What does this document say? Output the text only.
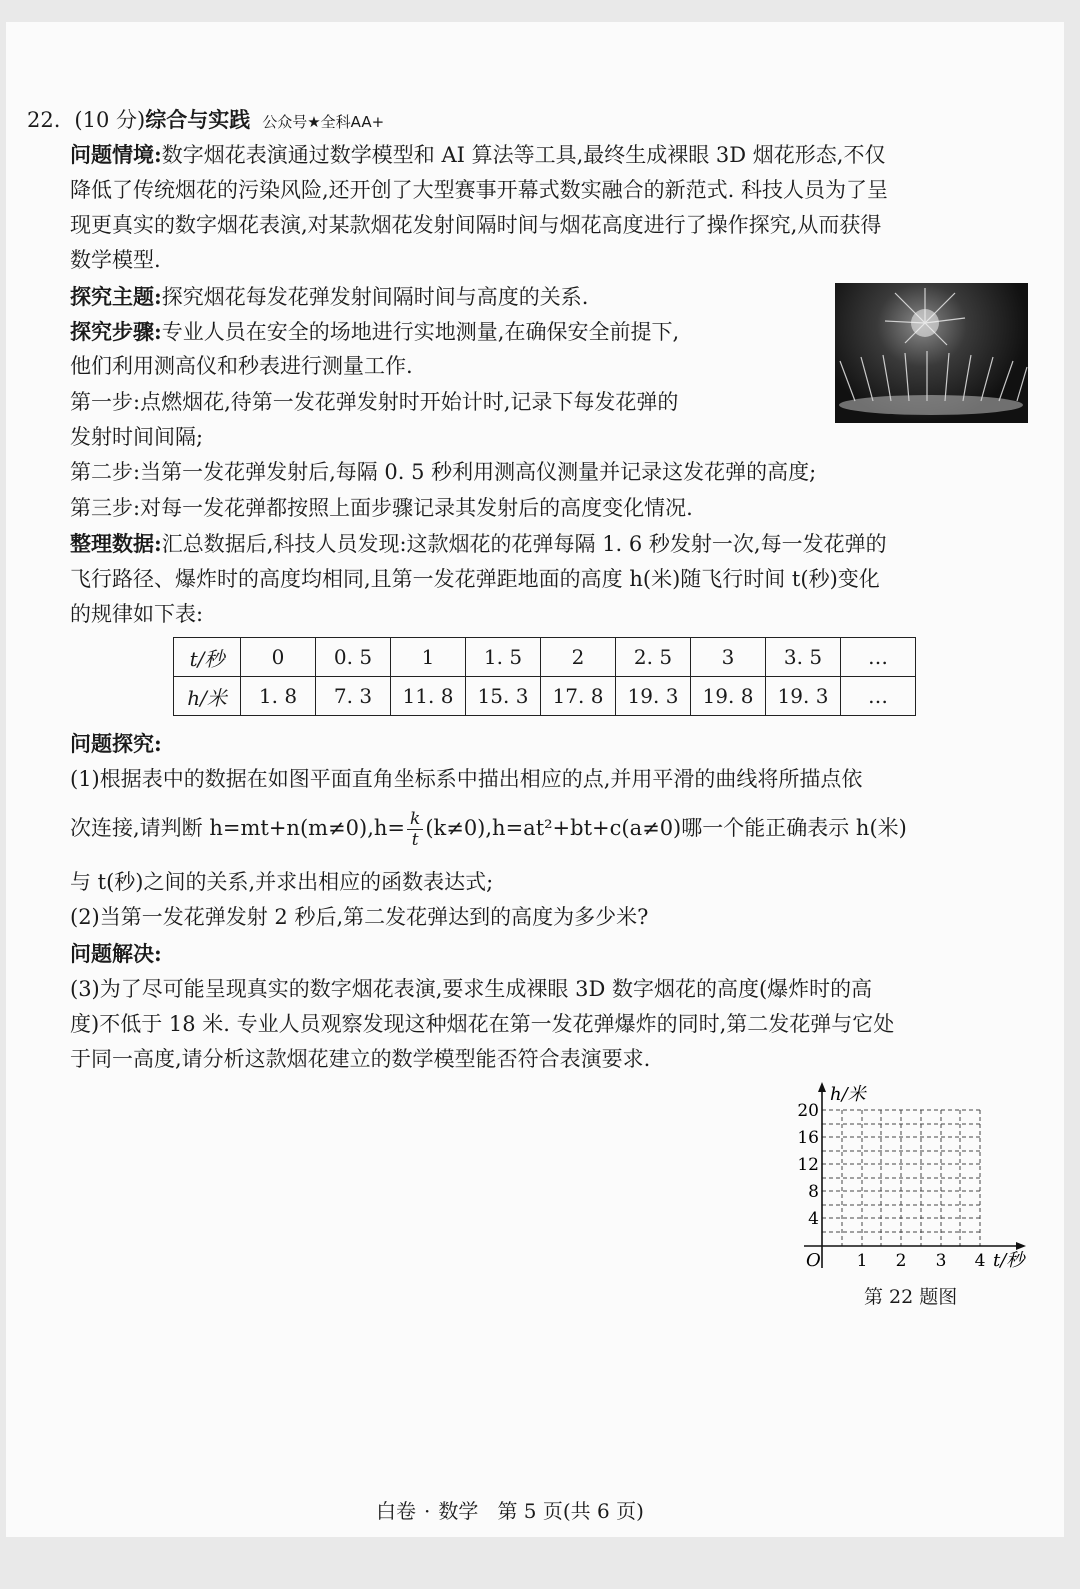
22. (10 分)综合与实践 公众号★全科AA+
问题情境:数字烟花表演通过数学模型和 AI 算法等工具,最终生成裸眼 3D 烟花形态,不仅
降低了传统烟花的污染风险,还开创了大型赛事开幕式数实融合的新范式. 科技人员为了呈
现更真实的数字烟花表演,对某款烟花发射间隔时间与烟花高度进行了操作探究,从而获得
数学模型.
探究主题:探究烟花每发花弹发射间隔时间与高度的关系.
探究步骤:专业人员在安全的场地进行实地测量,在确保安全前提下,
他们利用测高仪和秒表进行测量工作.
第一步:点燃烟花,待第一发花弹发射时开始计时,记录下每发花弹的
发射时间间隔;
第二步:当第一发花弹发射后,每隔 0. 5 秒利用测高仪测量并记录这发花弹的高度;
第三步:对每一发花弹都按照上面步骤记录其发射后的高度变化情况.
整理数据:汇总数据后,科技人员发现:这款烟花的花弹每隔 1. 6 秒发射一次,每一发花弹的
飞行路径、爆炸时的高度均相同,且第一发花弹距地面的高度 h(米)随飞行时间 t(秒)变化
的规律如下表:
t/秒	0	0. 5	1	1. 5	2	2. 5	3	3. 5	…
h/米	1. 8	7. 3	11. 8	15. 3	17. 8	19. 3	19. 8	19. 3	…
问题探究:
(1)根据表中的数据在如图平面直角坐标系中描出相应的点,并用平滑的曲线将所描点依
次连接,请判断 $h=mt+n(m\ne 0),h= \frac{k}{t} (k\ne 0),h=at^2+bt+c(a\ne 0)$哪一个能正确表示 h(米)
与 t(秒)之间的关系,并求出相应的函数表达式;
(2)当第一发花弹发射 2 秒后,第二发花弹达到的高度为多少米?
问题解决:
(3)为了尽可能呈现真实的数字烟花表演,要求生成裸眼 3D 数字烟花的高度(爆炸时的高
度)不低于 18 米. 专业人员观察发现这种烟花在第一发花弹爆炸的同时,第二发花弹与它处
于同一高度,请分析这款烟花建立的数学模型能否符合表演要求.
h/米
t/秒
O
20
16
12
8
4
1 2 3 4
第 22 题图
白卷 · 数学 第 5 页(共 6 页)
